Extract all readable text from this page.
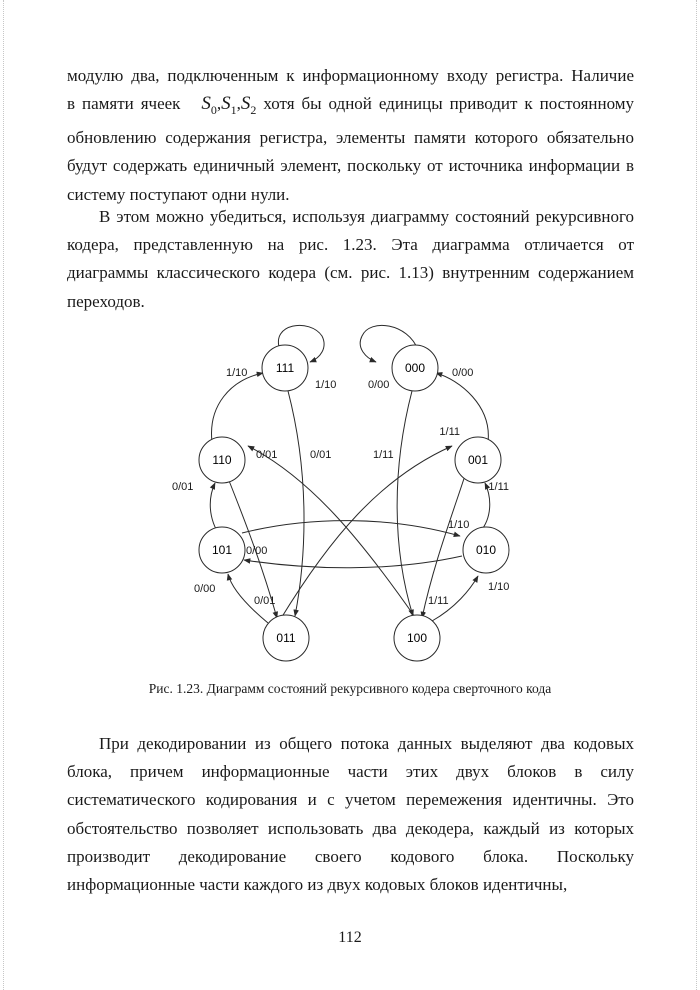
модулю два, подключенным к информационному входу регистра. Наличие
в памяти ячеек $S_0,S_1,S_2$ хотя бы одной единицы приводит к постоянному обновлению содержания регистра, элементы памяти которого обязательно будут содержать единичный элемент, поскольку от источника информации в систему поступают одни нули.

В этом можно убедиться, используя диаграмму состояний рекурсивного кодера, представленную на рис. 1.23. Эта диаграмма отличается от диаграммы классического кодера (см. рис. 1.13) внутренним содержанием переходов.

111	000
110	001
101	010
011	100
1/10	0/00
1/10	0/00
0/01	1/11
0/01	1/11
0/01
1/11
1/10
0/00
0/00
0/01	1/11
1/10

Рис. 1.23. Диаграмм состояний рекурсивного кодера сверточного кода

При декодировании из общего потока данных выделяют два кодовых блока, причем информационные части этих двух блоков в силу систематического кодирования и с учетом перемежения идентичны. Это обстоятельство позволяет использовать два декодера, каждый из которых производит декодирование своего кодового блока. Поскольку информационные части каждого из двух кодовых блоков идентичны,

112
